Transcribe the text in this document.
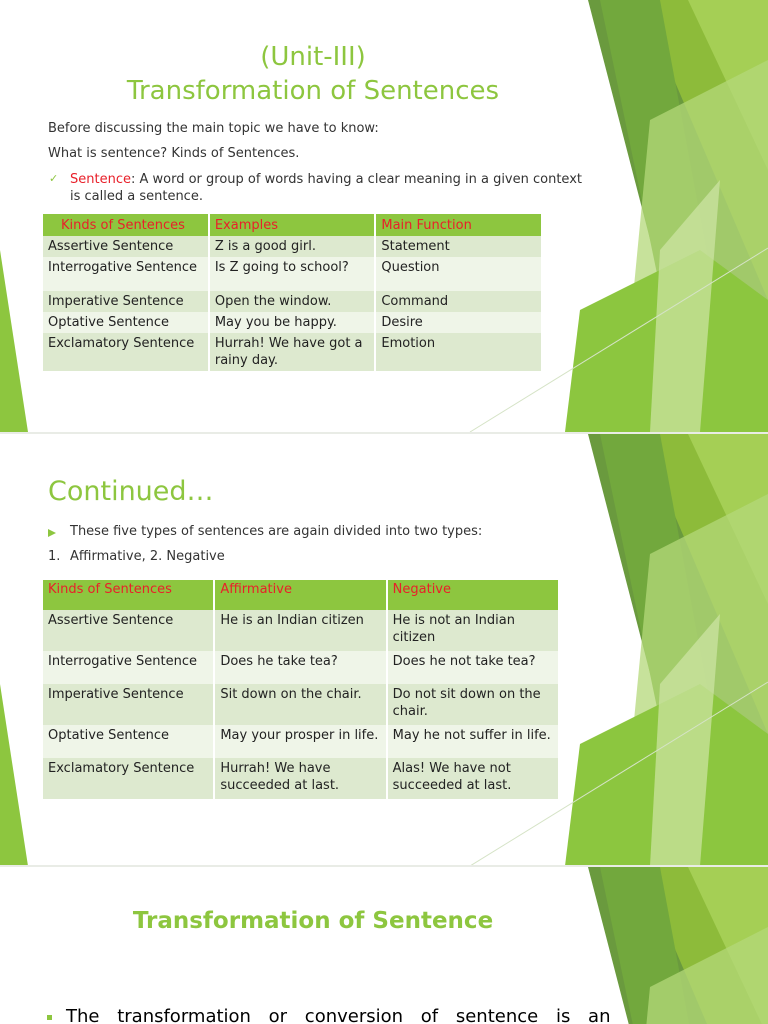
(Unit-III)
Transformation of Sentences
Before discussing the main topic we have to know:
What is sentence? Kinds of Sentences.
✓ Sentence: A word or group of words having a clear meaning in a given context
is called a sentence.
Kinds of Sentences	Examples	Main Function
Assertive Sentence	Z is a good girl.	Statement
Interrogative Sentence	Is Z going to school?	Question
Imperative Sentence	Open the window.	Command
Optative Sentence	May you be happy.	Desire
Exclamatory Sentence	Hurrah! We have got a rainy day.	Emotion
Continued…
These five types of sentences are again divided into two types:
1. Affirmative, 2. Negative
Kinds of Sentences	Affirmative	Negative
Assertive Sentence	He is an Indian citizen	He is not an Indian citizen
Interrogative Sentence	Does he take tea?	Does he not take tea?
Imperative Sentence	Sit down on the chair.	Do not sit down on the chair.
Optative Sentence	May your prosper in life.	May he not suffer in life.
Exclamatory Sentence	Hurrah! We have succeeded at last.	Alas! We have not succeeded at last.
Transformation of Sentence
The transformation or conversion of sentence is an
